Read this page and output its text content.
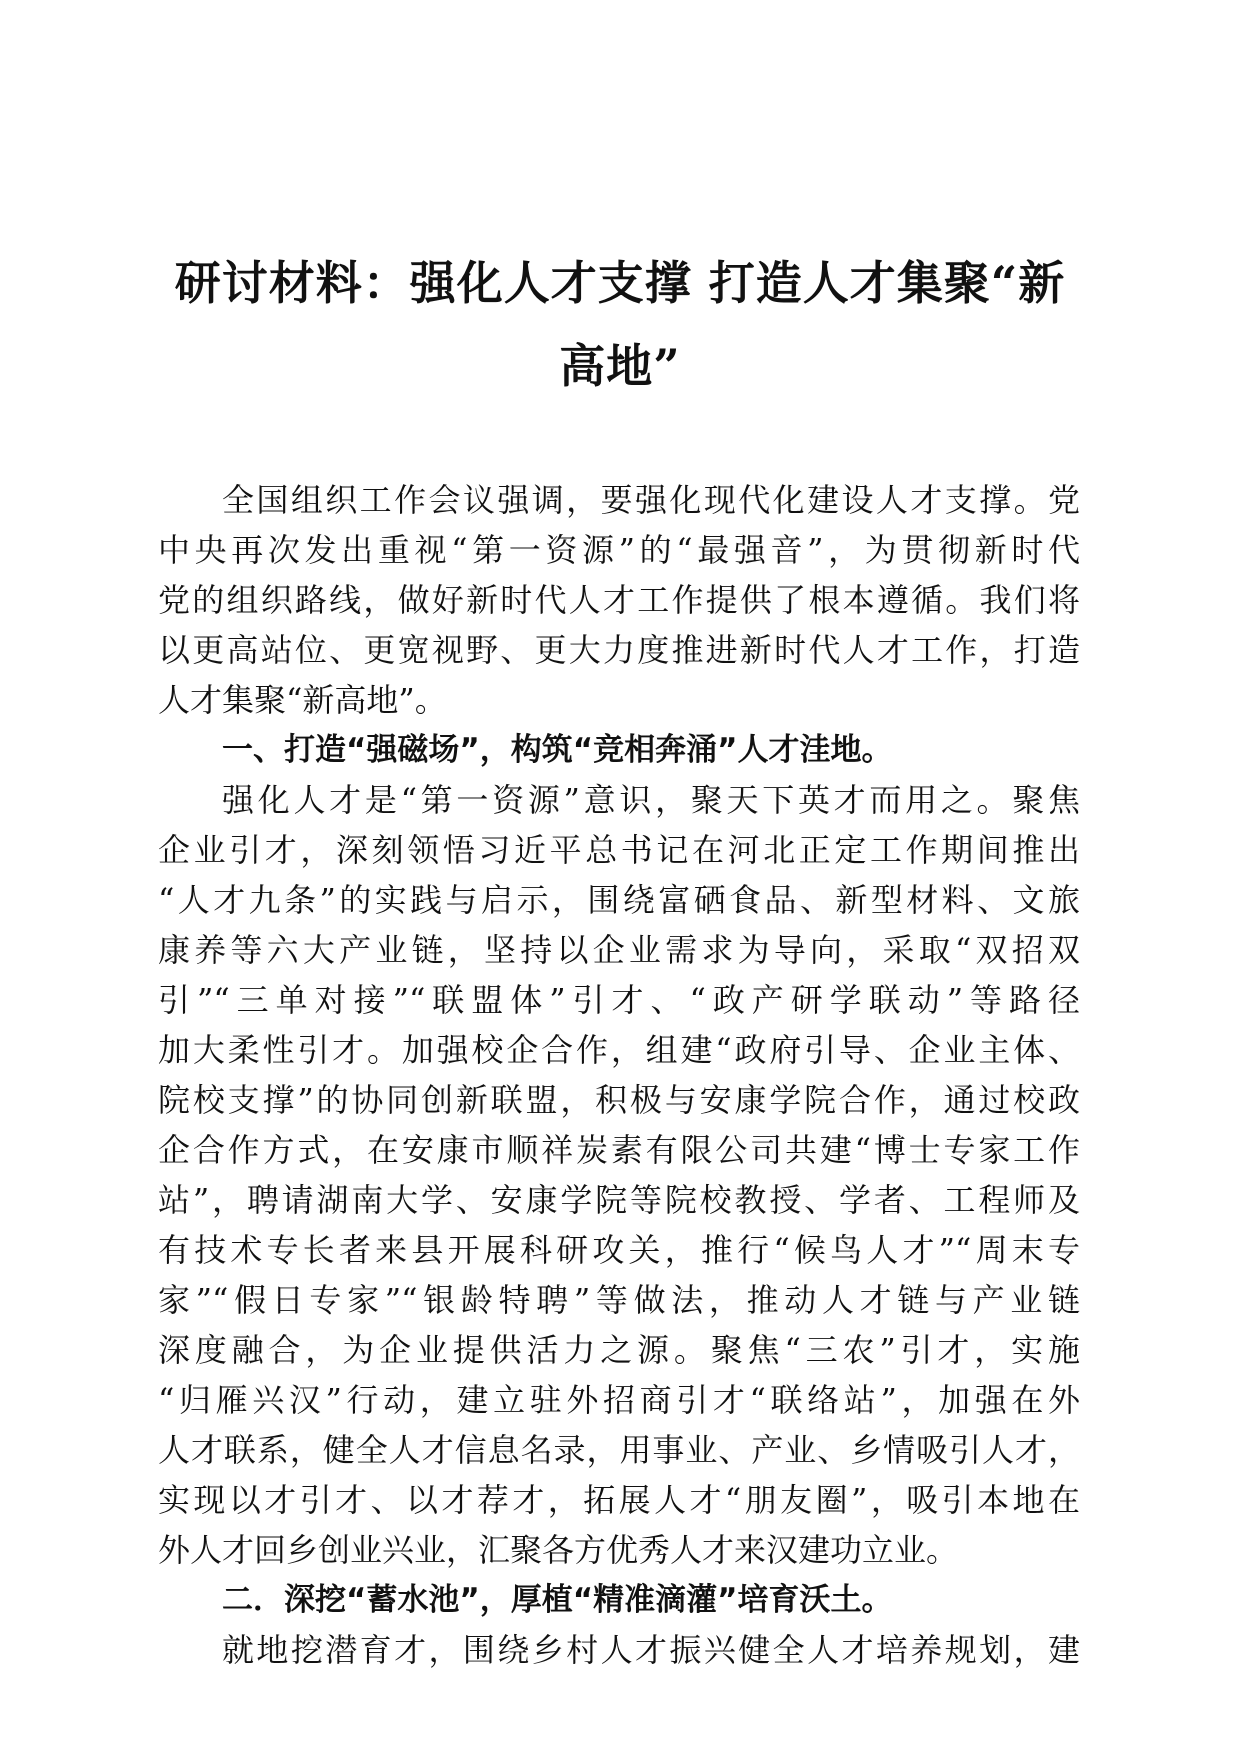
研讨材料：强化人才支撑 打造人才集聚“新
高地”
全国组织工作会议强调，要强化现代化建设人才支撑。党
中央再次发出重视“第一资源”的“最强音”，为贯彻新时代
党的组织路线，做好新时代人才工作提供了根本遵循。我们将
以更高站位、更宽视野、更大力度推进新时代人才工作，打造
人才集聚“新高地”。
一、打造“强磁场”，构筑“竞相奔涌”人才洼地。
强化人才是“第一资源”意识，聚天下英才而用之。聚焦
企业引才，深刻领悟习近平总书记在河北正定工作期间推出
“人才九条”的实践与启示，围绕富硒食品、新型材料、文旅
康养等六大产业链，坚持以企业需求为导向，采取“双招双
引”“三单对接”“联盟体”引才、“政产研学联动”等路径
加大柔性引才。加强校企合作，组建“政府引导、企业主体、
院校支撑”的协同创新联盟，积极与安康学院合作，通过校政
企合作方式，在安康市顺祥炭素有限公司共建“博士专家工作
站”，聘请湖南大学、安康学院等院校教授、学者、工程师及
有技术专长者来县开展科研攻关，推行“候鸟人才”“周末专
家”“假日专家”“银龄特聘”等做法，推动人才链与产业链
深度融合，为企业提供活力之源。聚焦“三农”引才，实施
“归雁兴汉”行动，建立驻外招商引才“联络站”，加强在外
人才联系，健全人才信息名录，用事业、产业、乡情吸引人才，
实现以才引才、以才荐才，拓展人才“朋友圈”，吸引本地在
外人才回乡创业兴业，汇聚各方优秀人才来汉建功立业。
二．深挖“蓄水池”，厚植“精准滴灌”培育沃土。
就地挖潜育才，围绕乡村人才振兴健全人才培养规划，建
